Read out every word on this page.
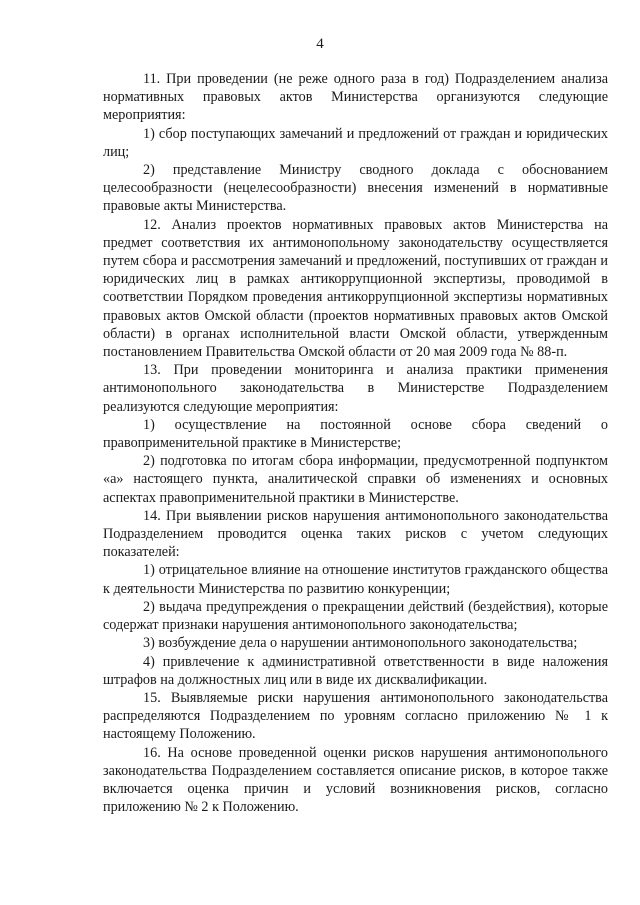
4

11. При проведении (не реже одного раза в год) Подразделением анализа нормативных правовых актов Министерства организуются следующие мероприятия:

1) сбор поступающих замечаний и предложений от граждан и юридических лиц;

2) представление Министру сводного доклада с обоснованием целесообразности (нецелесообразности) внесения изменений в нормативные правовые акты Министерства.

12. Анализ проектов нормативных правовых актов Министерства на предмет соответствия их антимонопольному законодательству осуществляется путем сбора и рассмотрения замечаний и предложений, поступивших от граждан и юридических лиц в рамках антикоррупционной экспертизы, проводимой в соответствии Порядком проведения антикоррупционной экспертизы нормативных правовых актов Омской области (проектов нормативных правовых актов Омской области) в органах исполнительной власти Омской области, утвержденным постановлением Правительства Омской области от 20 мая 2009 года № 88-п.

13. При проведении мониторинга и анализа практики применения антимонопольного законодательства в Министерстве Подразделением реализуются следующие мероприятия:

1) осуществление на постоянной основе сбора сведений о правоприменительной практике в Министерстве;

2) подготовка по итогам сбора информации, предусмотренной подпунктом «а» настоящего пункта, аналитической справки об изменениях и основных аспектах правоприменительной практики в Министерстве.

14. При выявлении рисков нарушения антимонопольного законодательства Подразделением проводится оценка таких рисков с учетом следующих показателей:

1) отрицательное влияние на отношение институтов гражданского общества к деятельности Министерства по развитию конкуренции;

2) выдача предупреждения о прекращении действий (бездействия), которые содержат признаки нарушения антимонопольного законодательства;

3) возбуждение дела о нарушении антимонопольного законодательства;

4) привлечение к административной ответственности в виде наложения штрафов на должностных лиц или в виде их дисквалификации.

15. Выявляемые риски нарушения антимонопольного законодательства распределяются Подразделением по уровням согласно приложению № 1 к настоящему Положению.

16. На основе проведенной оценки рисков нарушения антимонопольного законодательства Подразделением составляется описание рисков, в которое также включается оценка причин и условий возникновения рисков, согласно приложению № 2 к Положению.
